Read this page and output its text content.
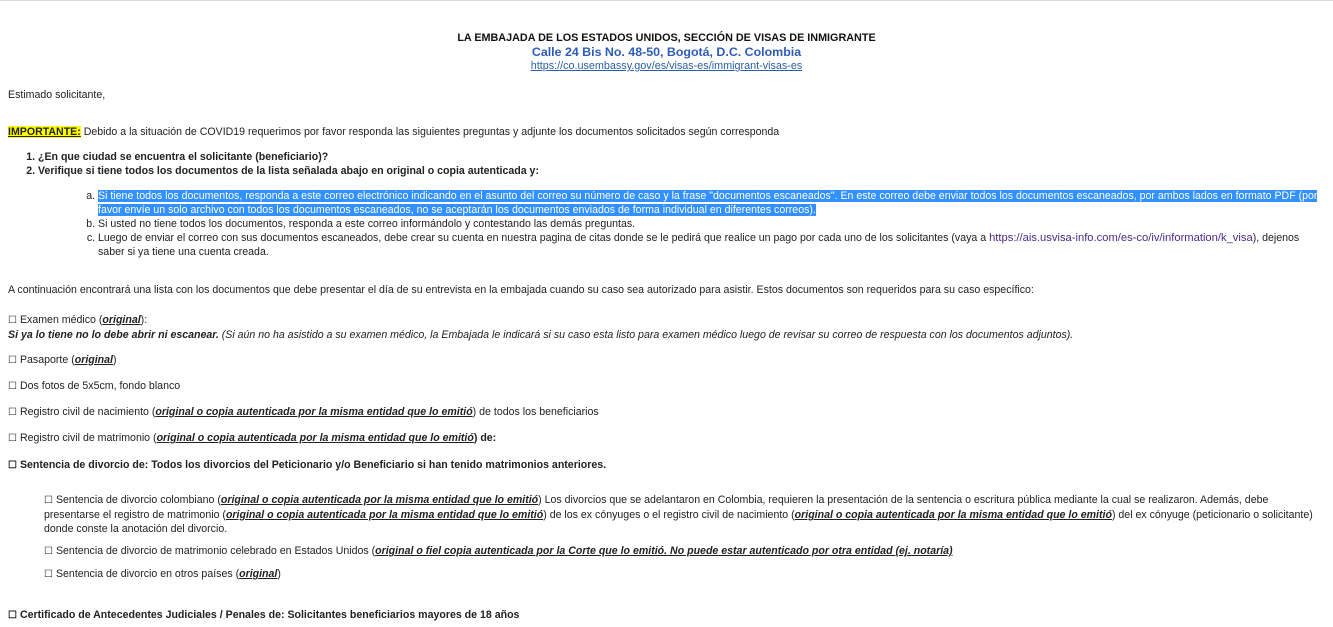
LA EMBAJADA DE LOS ESTADOS UNIDOS, SECCIÓN DE VISAS DE INMIGRANTE
Calle 24 Bis No. 48-50, Bogotá, D.C. Colombia
https://co.usembassy.gov/es/visas-es/immigrant-visas-es

Estimado solicitante,

IMPORTANTE: Debido a la situación de COVID19 requerimos por favor responda las siguientes preguntas y adjunte los documentos solicitados según corresponda

1. ¿En que ciudad se encuentra el solicitante (beneficiario)?
2. Verifique si tiene todos los documentos de la lista señalada abajo en original o copia autenticada y:
a. Si tiene todos los documentos, responda a este correo electrónico indicando en el asunto del correo su número de caso y la frase "documentos escaneados". En este correo debe enviar todos los documentos escaneados, por ambos lados en formato PDF (por favor envíe un solo archivo con todos los documentos escaneados, no se aceptarán los documentos enviados de forma individual en diferentes correos).
b. Si usted no tiene todos los documentos, responda a este correo informándolo y contestando las demás preguntas.
c. Luego de enviar el correo con sus documentos escaneados, debe crear su cuenta en nuestra pagina de citas donde se le pedirá que realice un pago por cada uno de los solicitantes (vaya a https://ais.usvisa-info.com/es-co/iv/information/k_visa), dejenos saber si ya tiene una cuenta creada.

A continuación encontrará una lista con los documentos que debe presentar el día de su entrevista en la embajada cuando su caso sea autorizado para asistir. Estos documentos son requeridos para su caso específico:

☐ Examen médico (original):
Si ya lo tiene no lo debe abrir ni escanear. (Si aún no ha asistido a su examen médico, la Embajada le indicará si su caso esta listo para examen médico luego de revisar su correo de respuesta con los documentos adjuntos).
☐ Pasaporte (original)
☐ Dos fotos de 5x5cm, fondo blanco
☐ Registro civil de nacimiento (original o copia autenticada por la misma entidad que lo emitió) de todos los beneficiarios
☐ Registro civil de matrimonio (original o copia autenticada por la misma entidad que lo emitió) de:
☐ Sentencia de divorcio de: Todos los divorcios del Peticionario y/o Beneficiario si han tenido matrimonios anteriores.
☐ Sentencia de divorcio colombiano (original o copia autenticada por la misma entidad que lo emitió) Los divorcios que se adelantaron en Colombia, requieren la presentación de la sentencia o escritura pública mediante la cual se realizaron. Además, debe presentarse el registro de matrimonio (original o copia autenticada por la misma entidad que lo emitió) de los ex cónyuges o el registro civil de nacimiento (original o copia autenticada por la misma entidad que lo emitió) del ex cónyuge (peticionario o solicitante) donde conste la anotación del divorcio.
☐ Sentencia de divorcio de matrimonio celebrado en Estados Unidos (original o fiel copia autenticada por la Corte que lo emitió. No puede estar autenticado por otra entidad (ej. notaría)
☐ Sentencia de divorcio en otros países (original)
☐ Certificado de Antecedentes Judiciales / Penales de: Solicitantes beneficiarios mayores de 18 años
